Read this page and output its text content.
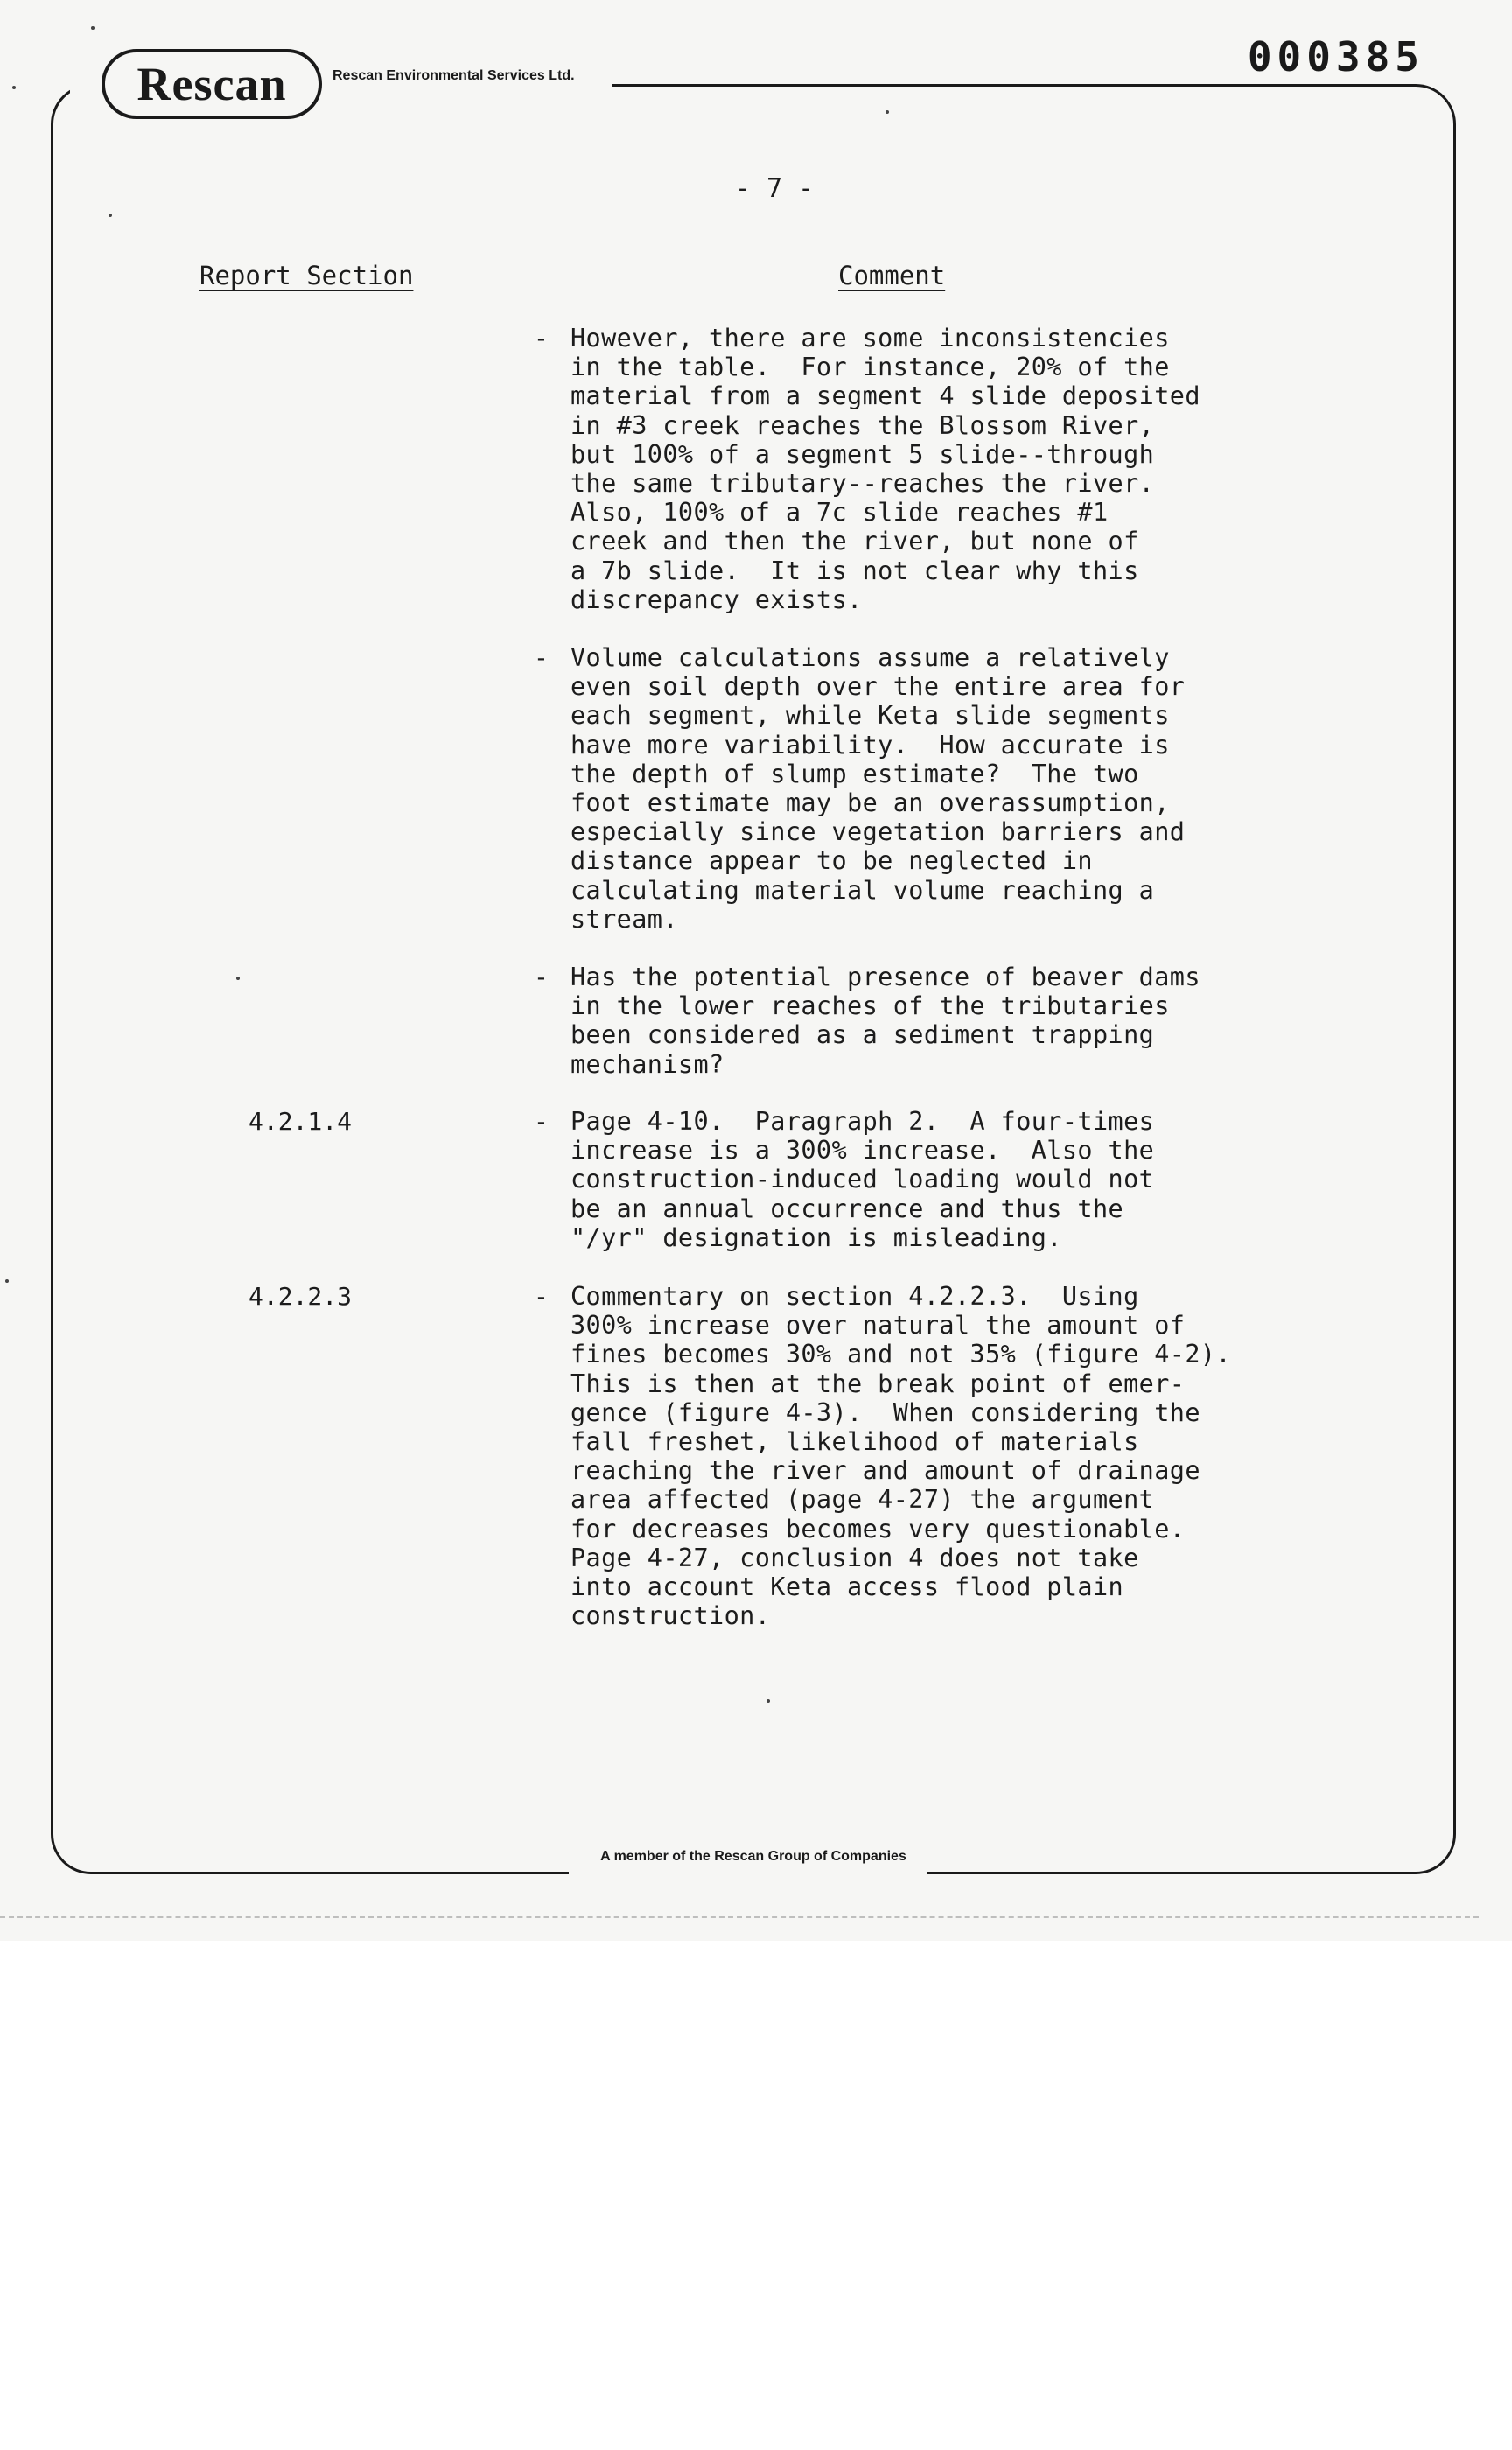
Rescan	Rescan Environmental Services Ltd.	000385
- 7 -
Report Section	Comment
- However, there are some inconsistencies
in the table.  For instance, 20% of the
material from a segment 4 slide deposited
in #3 creek reaches the Blossom River,
but 100% of a segment 5 slide--through
the same tributary--reaches the river.
Also, 100% of a 7c slide reaches #1
creek and then the river, but none of
a 7b slide.  It is not clear why this
discrepancy exists.
- Volume calculations assume a relatively
even soil depth over the entire area for
each segment, while Keta slide segments
have more variability.  How accurate is
the depth of slump estimate?  The two
foot estimate may be an overassumption,
especially since vegetation barriers and
distance appear to be neglected in
calculating material volume reaching a
stream.
- Has the potential presence of beaver dams
in the lower reaches of the tributaries
been considered as a sediment trapping
mechanism?
4.2.1.4	- Page 4-10.  Paragraph 2.  A four-times
increase is a 300% increase.  Also the
construction-induced loading would not
be an annual occurrence and thus the
"/yr" designation is misleading.
4.2.2.3	- Commentary on section 4.2.2.3.  Using
300% increase over natural the amount of
fines becomes 30% and not 35% (figure 4-2).
This is then at the break point of emer-
gence (figure 4-3).  When considering the
fall freshet, likelihood of materials
reaching the river and amount of drainage
area affected (page 4-27) the argument
for decreases becomes very questionable.
Page 4-27, conclusion 4 does not take
into account Keta access flood plain
construction.
A member of the Rescan Group of Companies
